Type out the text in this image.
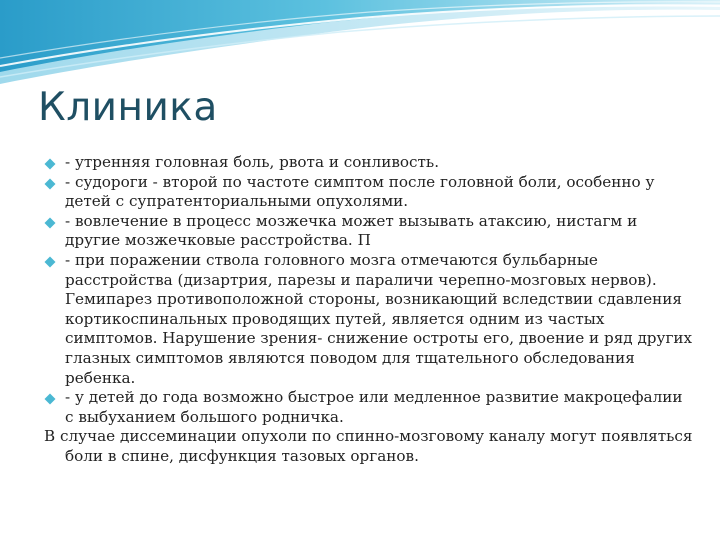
Клиника

- утренняя головная боль, рвота и сонливость.

- судороги - второй по частоте симптом после головной боли, особенно у детей с супратенториальными опухолями.

- вовлечение в процесс мозжечка может вызывать атаксию, нистагм и другие мозжечковые расстройства. П

- при поражении ствола головного мозга отмечаются бульбарные расстройства (дизартрия, парезы и параличи черепно-мозговых нервов). Гемипарез противоположной стороны, возникающий вследствии сдавления кортикоспинальных проводящих путей, является одним из частых симптомов. Нарушение зрения- снижение остроты его, двоение и ряд других глазных симптомов являются поводом для тщательного обследования ребенка.

- у детей до года возможно быстрое или медленное развитие макроцефалии с выбуханием большого родничка.

В случае диссеминации опухоли по спинно-мозговому каналу могут появляться боли в спине, дисфункция тазовых органов.
